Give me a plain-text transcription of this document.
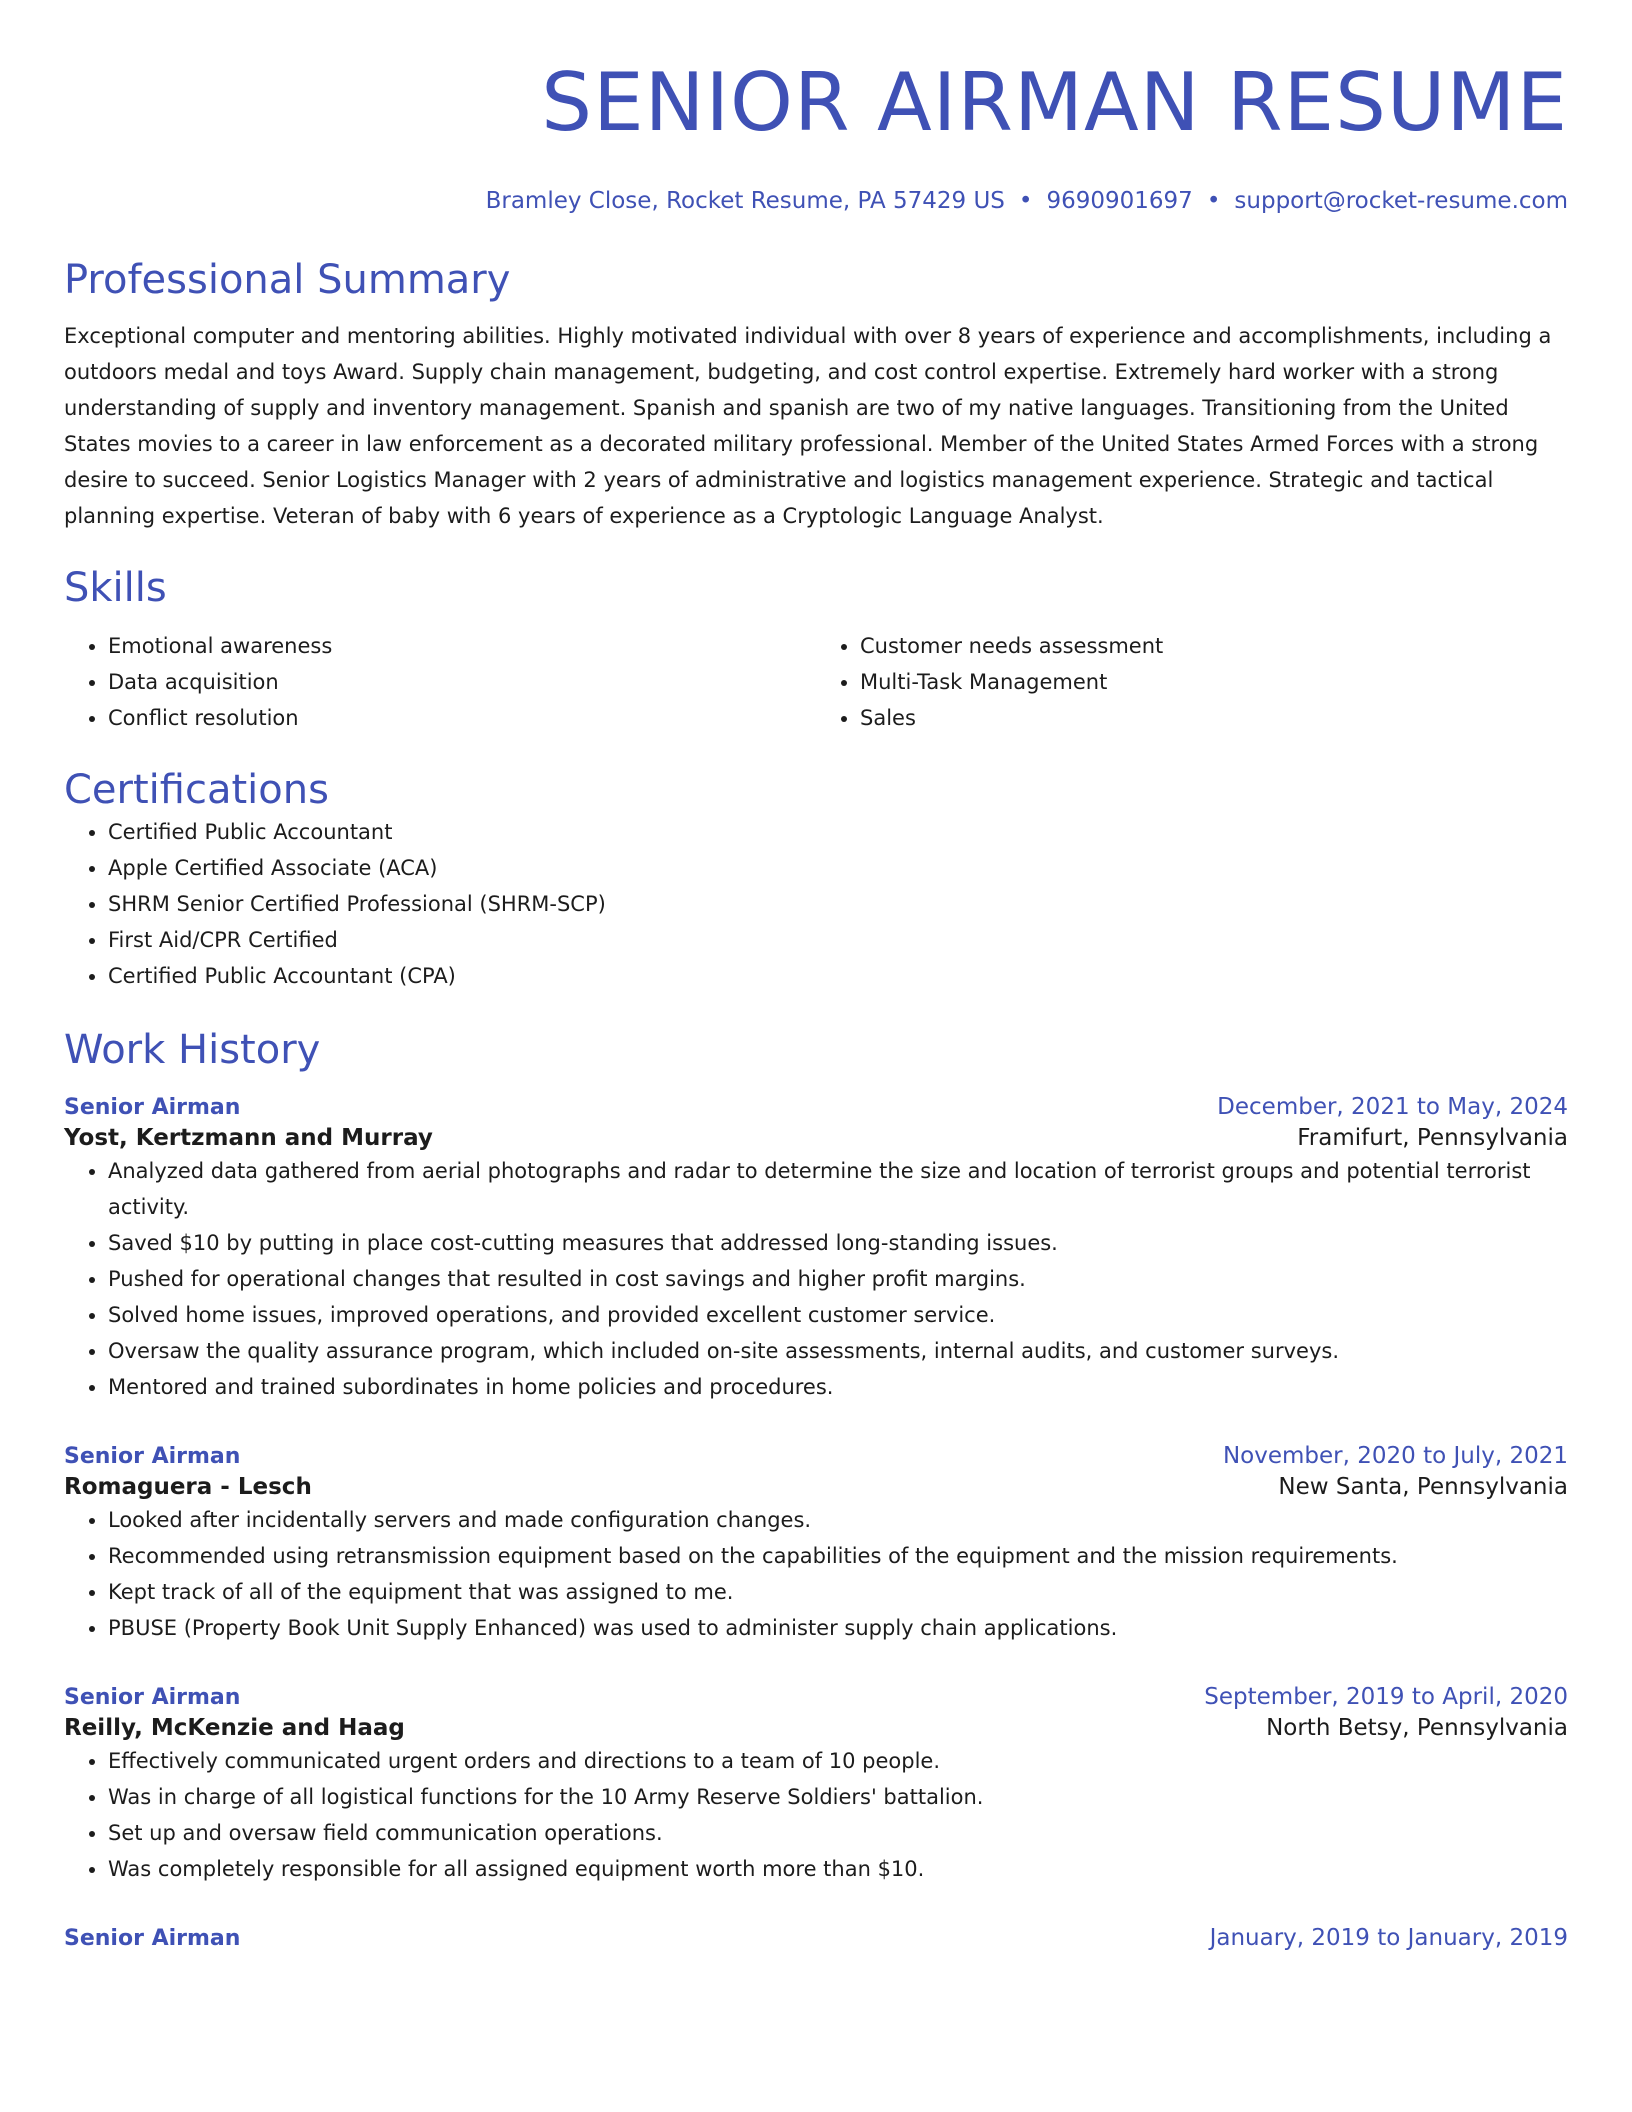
SENIOR AIRMAN RESUME
Bramley Close, Rocket Resume, PA 57429 US • 9690901697 • support@rocket-resume.com
Professional Summary
Exceptional computer and mentoring abilities. Highly motivated individual with over 8 years of experience and accomplishments, including a outdoors medal and toys Award. Supply chain management, budgeting, and cost control expertise. Extremely hard worker with a strong understanding of supply and inventory management. Spanish and spanish are two of my native languages. Transitioning from the United States movies to a career in law enforcement as a decorated military professional. Member of the United States Armed Forces with a strong desire to succeed. Senior Logistics Manager with 2 years of administrative and logistics management experience. Strategic and tactical planning expertise. Veteran of baby with 6 years of experience as a Cryptologic Language Analyst.
Skills
• Emotional awareness
• Data acquisition
• Conflict resolution
• Customer needs assessment
• Multi-Task Management
• Sales
Certifications
• Certified Public Accountant
• Apple Certified Associate (ACA)
• SHRM Senior Certified Professional (SHRM-SCP)
• First Aid/CPR Certified
• Certified Public Accountant (CPA)
Work History
Senior Airman	December, 2021 to May, 2024
Yost, Kertzmann and Murray	Framifurt, Pennsylvania
• Analyzed data gathered from aerial photographs and radar to determine the size and location of terrorist groups and potential terrorist activity.
• Saved $10 by putting in place cost-cutting measures that addressed long-standing issues.
• Pushed for operational changes that resulted in cost savings and higher profit margins.
• Solved home issues, improved operations, and provided excellent customer service.
• Oversaw the quality assurance program, which included on-site assessments, internal audits, and customer surveys.
• Mentored and trained subordinates in home policies and procedures.
Senior Airman	November, 2020 to July, 2021
Romaguera - Lesch	New Santa, Pennsylvania
• Looked after incidentally servers and made configuration changes.
• Recommended using retransmission equipment based on the capabilities of the equipment and the mission requirements.
• Kept track of all of the equipment that was assigned to me.
• PBUSE (Property Book Unit Supply Enhanced) was used to administer supply chain applications.
Senior Airman	September, 2019 to April, 2020
Reilly, McKenzie and Haag	North Betsy, Pennsylvania
• Effectively communicated urgent orders and directions to a team of 10 people.
• Was in charge of all logistical functions for the 10 Army Reserve Soldiers' battalion.
• Set up and oversaw field communication operations.
• Was completely responsible for all assigned equipment worth more than $10.
Senior Airman	January, 2019 to January, 2019
